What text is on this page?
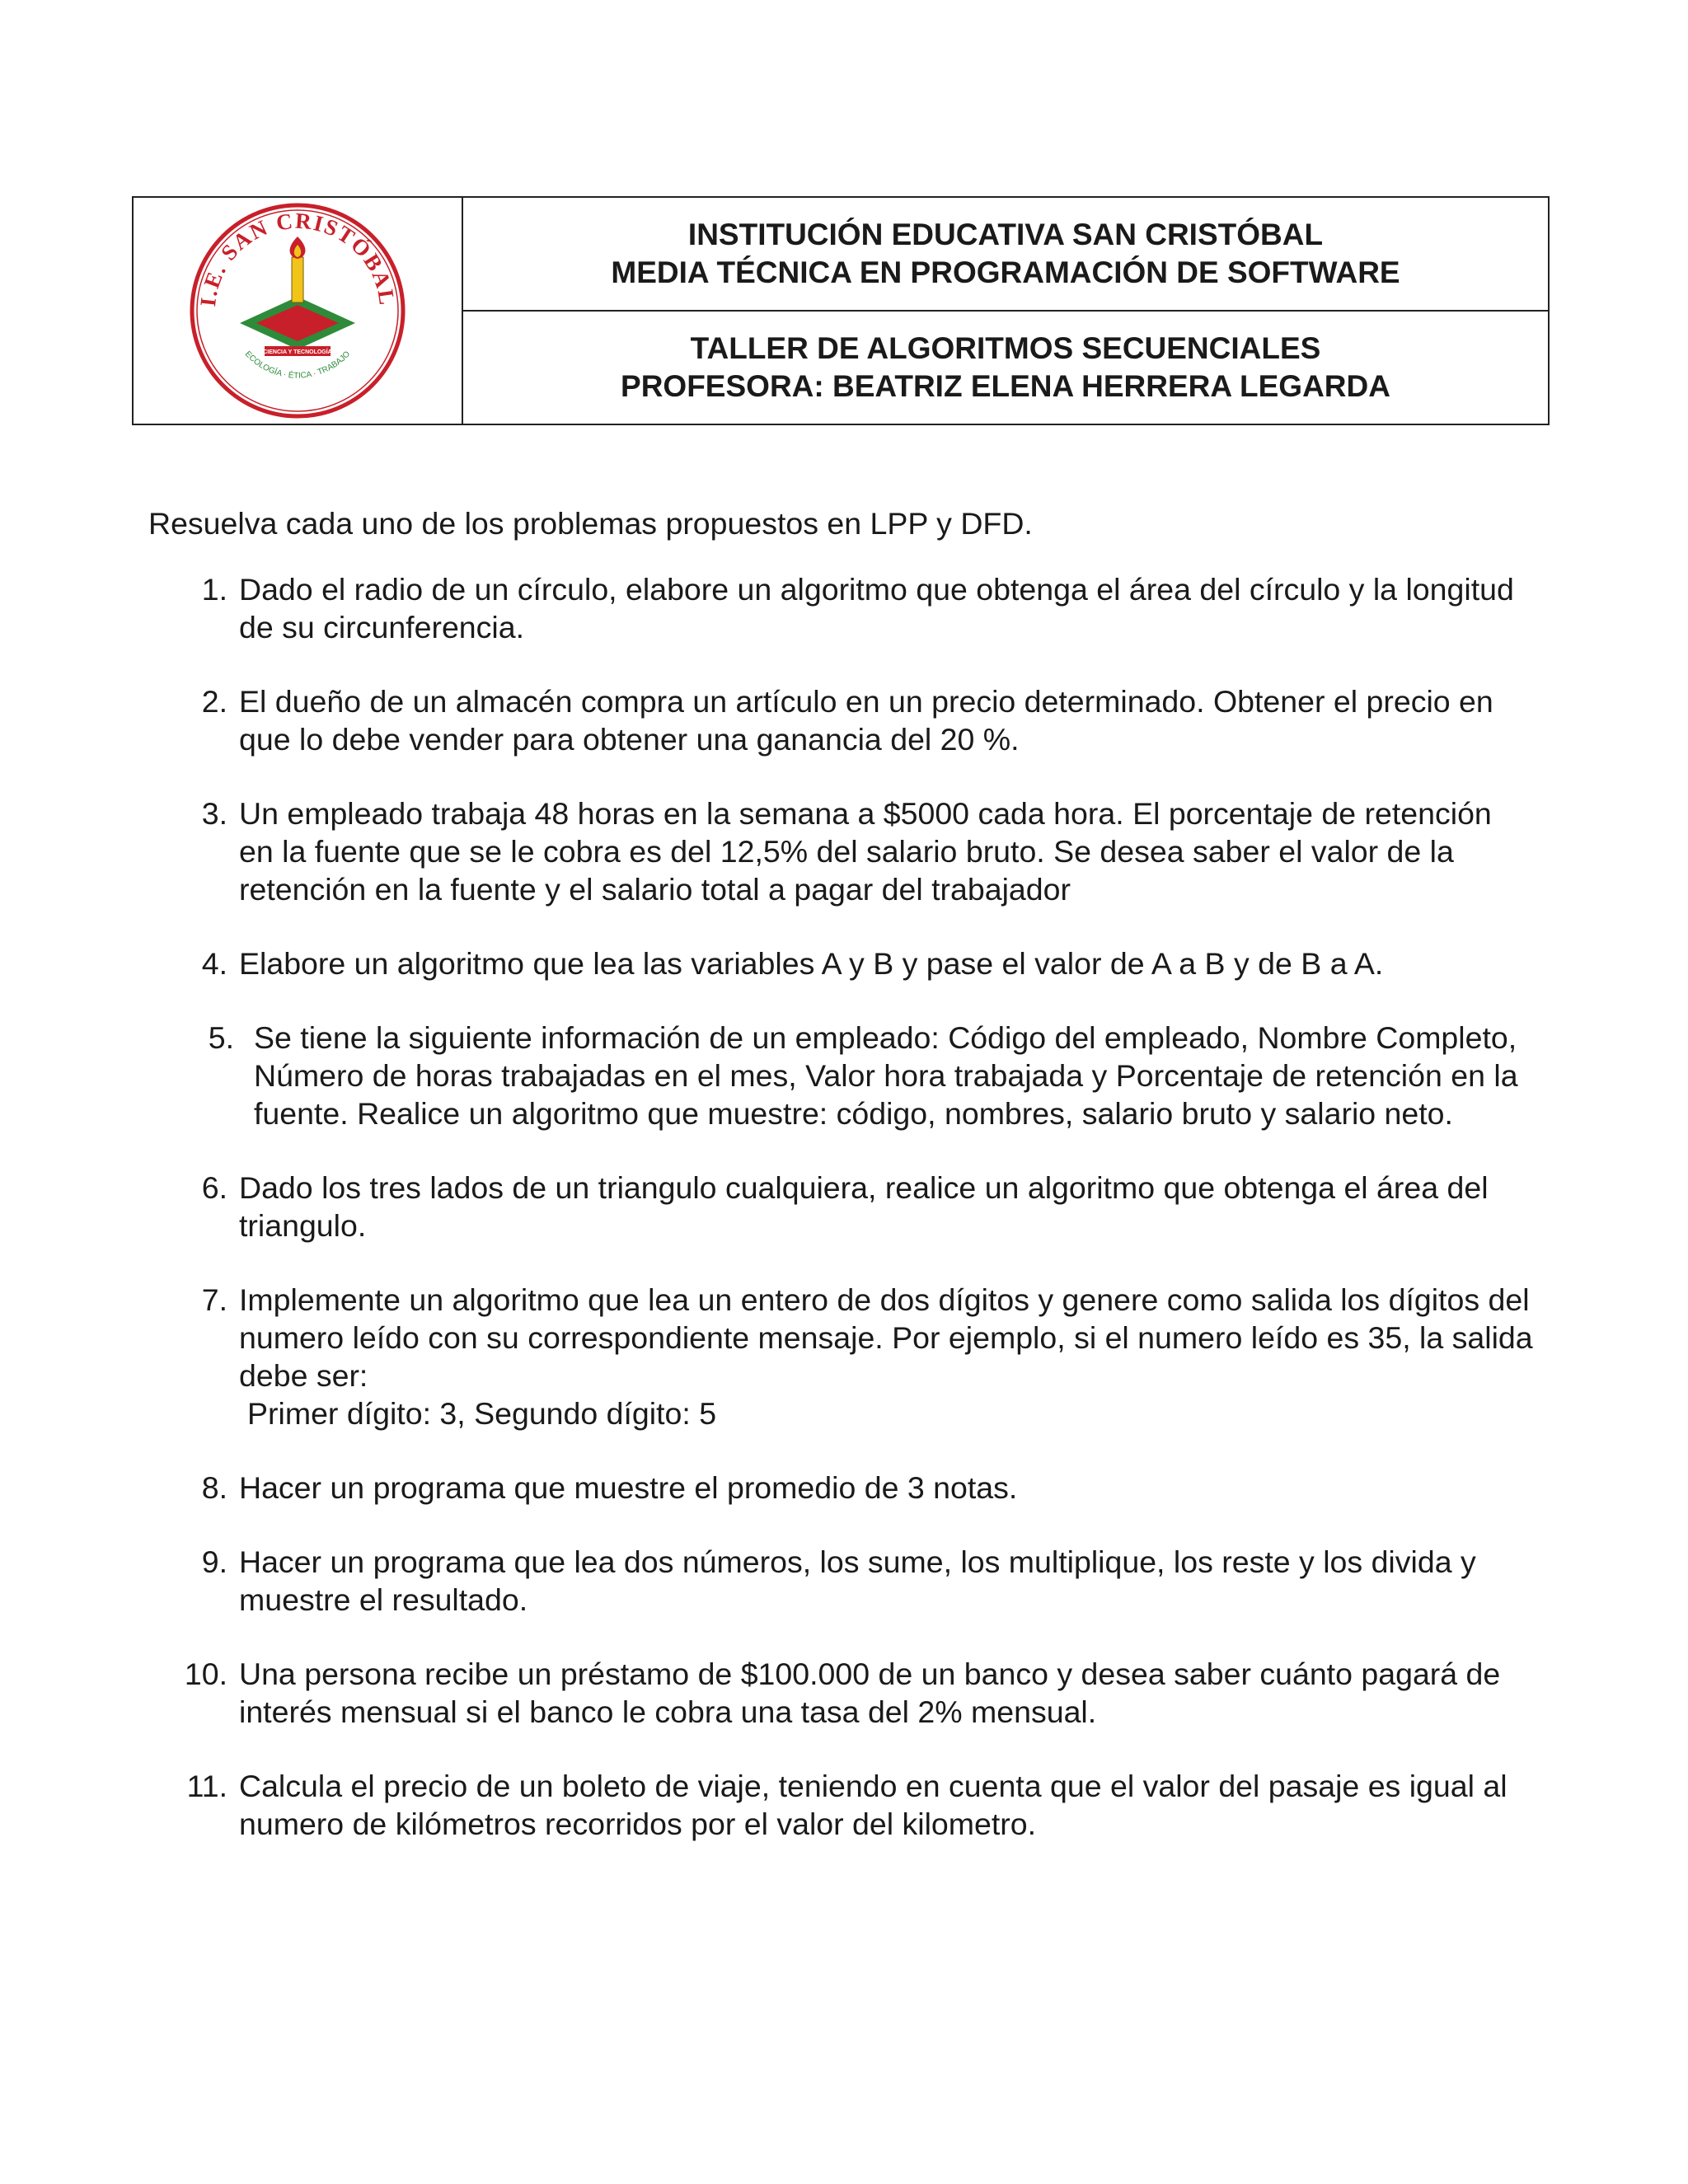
I.E. SAN CRISTÓBAL
ECOLOGÍA · ÉTICA · TRABAJO
CIENCIA Y TECNOLOGÍA
INSTITUCIÓN EDUCATIVA SAN CRISTÓBAL
MEDIA TÉCNICA EN PROGRAMACIÓN DE SOFTWARE
TALLER DE ALGORITMOS SECUENCIALES
PROFESORA: BEATRIZ ELENA HERRERA LEGARDA

Resuelva cada uno de los problemas propuestos en LPP y DFD.

1. Dado el radio de un círculo, elabore un algoritmo que obtenga el área del círculo y la longitud de su circunferencia.
2. El dueño de un almacén compra un artículo en un precio determinado. Obtener el precio en que lo debe vender para obtener una ganancia del 20 %.
3. Un empleado trabaja 48 horas en la semana a $5000 cada hora. El porcentaje de retención en la fuente que se le cobra es del 12,5% del salario bruto. Se desea saber el valor de la retención en la fuente y el salario total a pagar del trabajador
4. Elabore un algoritmo que lea las variables A y B y pase el valor de A a B y de B a A.
5. Se tiene la siguiente información de un empleado: Código del empleado, Nombre Completo, Número de horas trabajadas en el mes, Valor hora trabajada y Porcentaje de retención en la fuente. Realice un algoritmo que muestre: código, nombres, salario bruto y salario neto.
6. Dado los tres lados de un triangulo cualquiera, realice un algoritmo que obtenga el área del triangulo.
7. Implemente un algoritmo que lea un entero de dos dígitos y genere como salida los dígitos del numero leído con su correspondiente mensaje. Por ejemplo, si el numero leído es 35, la salida debe ser:
Primer dígito: 3, Segundo dígito: 5
8. Hacer un programa que muestre el promedio de 3 notas.
9. Hacer un programa que lea dos números, los sume, los multiplique, los reste y los divida y muestre el resultado.
10. Una persona recibe un préstamo de $100.000 de un banco y desea saber cuánto pagará de interés mensual si el banco le cobra una tasa del 2% mensual.
11. Calcula el precio de un boleto de viaje, teniendo en cuenta que el valor del pasaje es igual al numero de kilómetros recorridos por el valor del kilometro.
